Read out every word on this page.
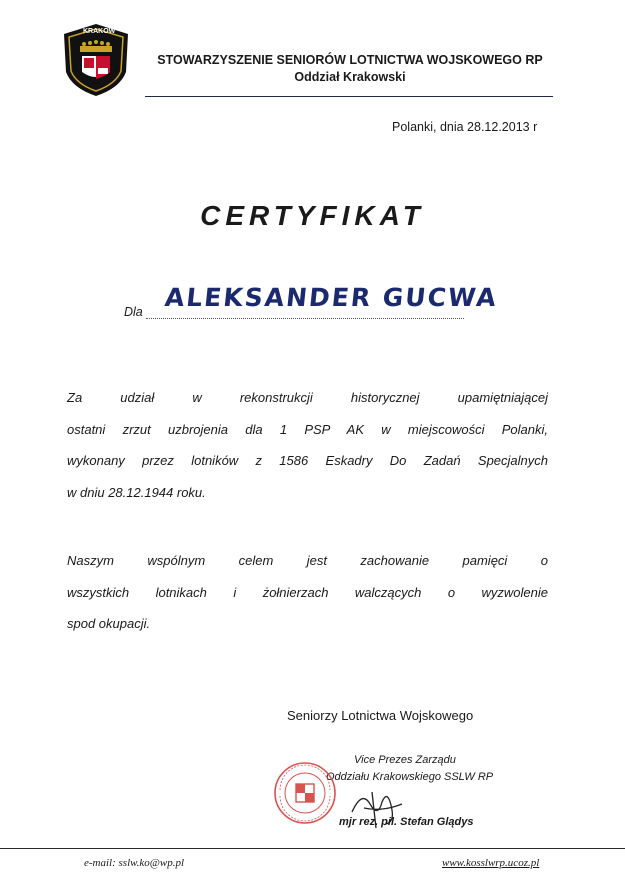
KRAKÓW
STOWARZYSZENIE SENIORÓW LOTNICTWA WOJSKOWEGO RP
Oddział Krakowski
Polanki, dnia 28.12.2013 r
CERTYFIKAT
Dla ALEKSANDER GUCWA
Za udział w rekonstrukcji historycznej upamiętniającej
ostatni zrzut uzbrojenia dla 1 PSP AK w miejscowości Polanki,
wykonany przez lotników z 1586 Eskadry Do Zadań Specjalnych
w dniu 28.12.1944 roku.
Naszym wspólnym celem jest zachowanie pamięci o
wszystkich lotnikach i żołnierzach walczących o wyzwolenie
spod okupacji.
Seniorzy Lotnictwa Wojskowego
Vice Prezes Zarządu
Oddziału Krakowskiego SSLW RP
mjr rez. pil. Stefan Glądys
e-mail: sslw.ko@wp.pl	www.kosslwrp.ucoz.pl
